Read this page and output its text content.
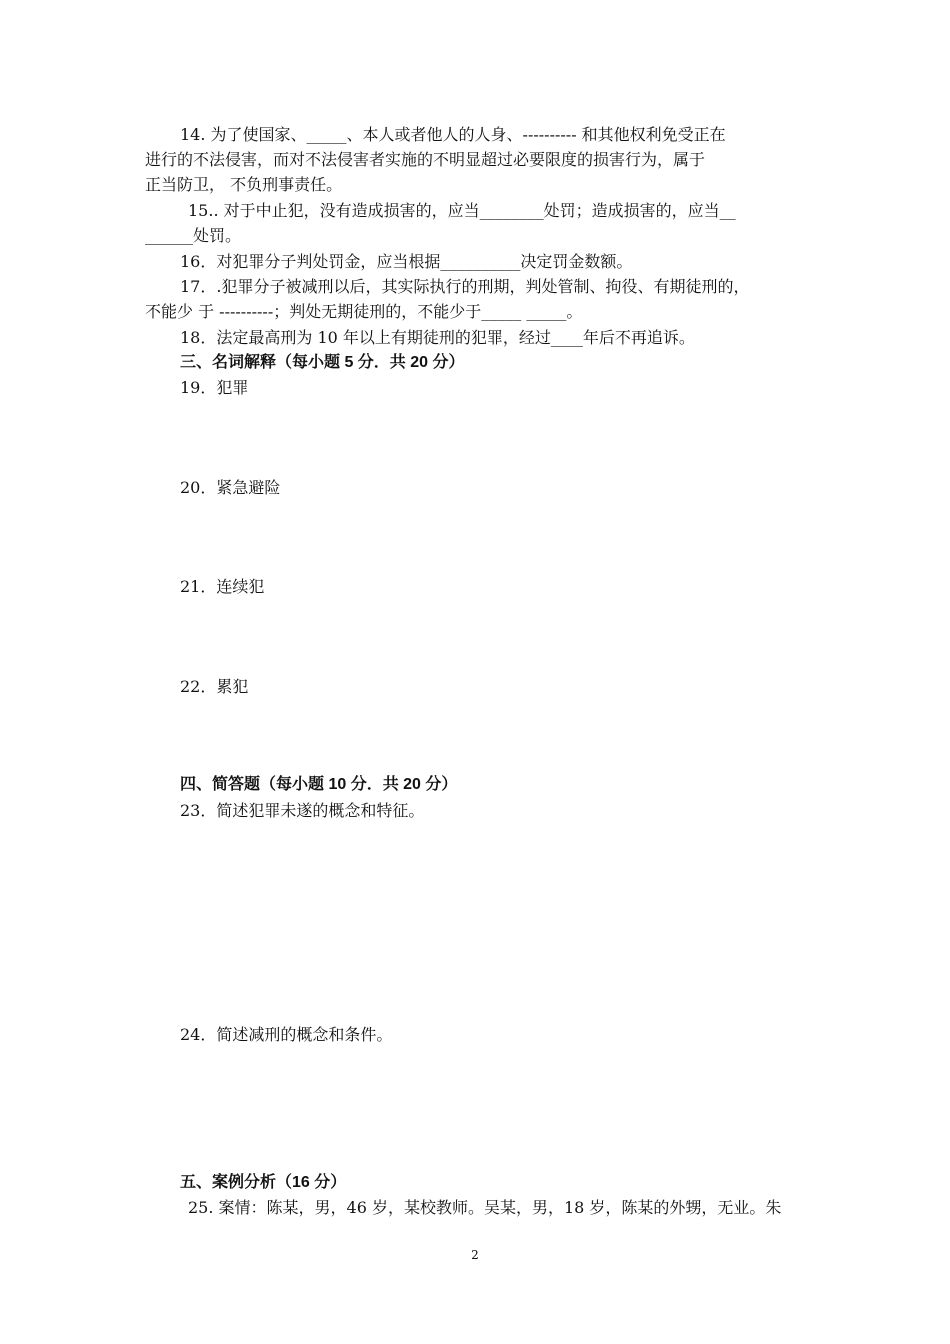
14. 为了使国家、_____、本人或者他人的人身、---------- 和其他权利免受正在
进行的不法侵害，而对不法侵害者实施的不明显超过必要限度的损害行为，属于
正当防卫， 不负刑事责任。
15.. 对于中止犯，没有造成损害的，应当________处罚；造成损害的，应当__
______处罚。
16．对犯罪分子判处罚金，应当根据__________决定罚金数额。
17．.犯罪分子被减刑以后，其实际执行的刑期，判处管制、拘役、有期徒刑的，
不能少 于 ----------；判处无期徒刑的，不能少于_____ _____。
18．法定最高刑为 10 年以上有期徒刑的犯罪，经过____年后不再追诉。
三、名词解释（每小题 5 分．共 20 分）
19．犯罪
20．紧急避险
21．连续犯
22．累犯
四、简答题（每小题 10 分．共 20 分）
23．简述犯罪未遂的概念和特征。
24．简述减刑的概念和条件。
五、案例分析（16 分）
25. 案情：陈某，男，46 岁，某校教师。吴某，男，18 岁，陈某的外甥，无业。朱
2
